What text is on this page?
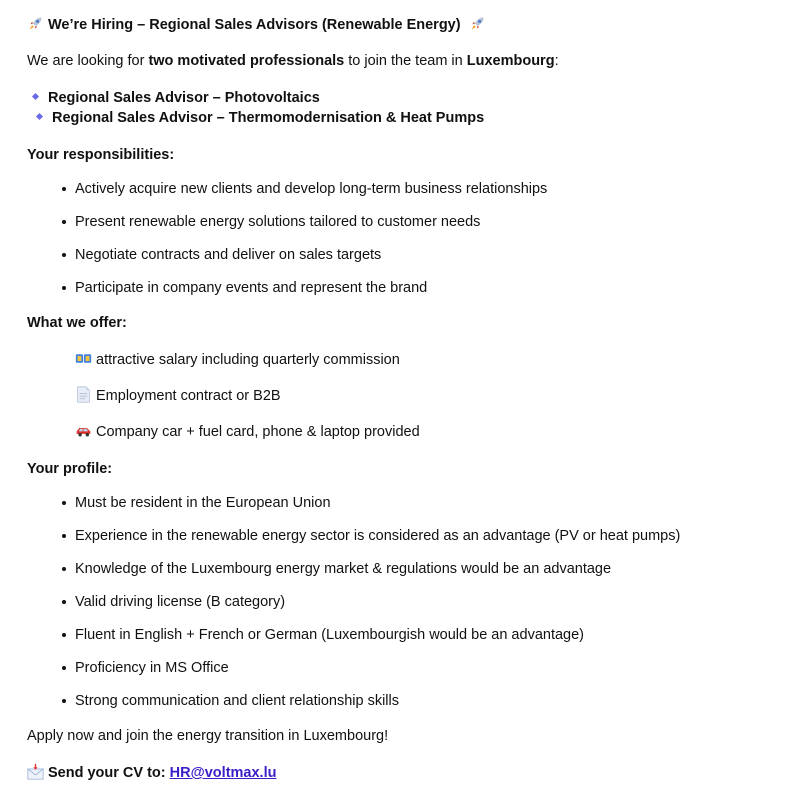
We’re Hiring – Regional Sales Advisors (Renewable Energy)
We are looking for two motivated professionals to join the team in Luxembourg:
Regional Sales Advisor – Photovoltaics
Regional Sales Advisor – Thermomodernisation & Heat Pumps
Your responsibilities:
Actively acquire new clients and develop long-term business relationships
Present renewable energy solutions tailored to customer needs
Negotiate contracts and deliver on sales targets
Participate in company events and represent the brand
What we offer:
attractive salary including quarterly commission
Employment contract or B2B
Company car + fuel card, phone & laptop provided
Your profile:
Must be resident in the European Union
Experience in the renewable energy sector is considered as an advantage (PV or heat pumps)
Knowledge of the Luxembourg energy market & regulations would be an advantage
Valid driving license (B category)
Fluent in English + French or German (Luxembourgish would be an advantage)
Proficiency in MS Office
Strong communication and client relationship skills
Apply now and join the energy transition in Luxembourg!
Send your CV to: HR@voltmax.lu
